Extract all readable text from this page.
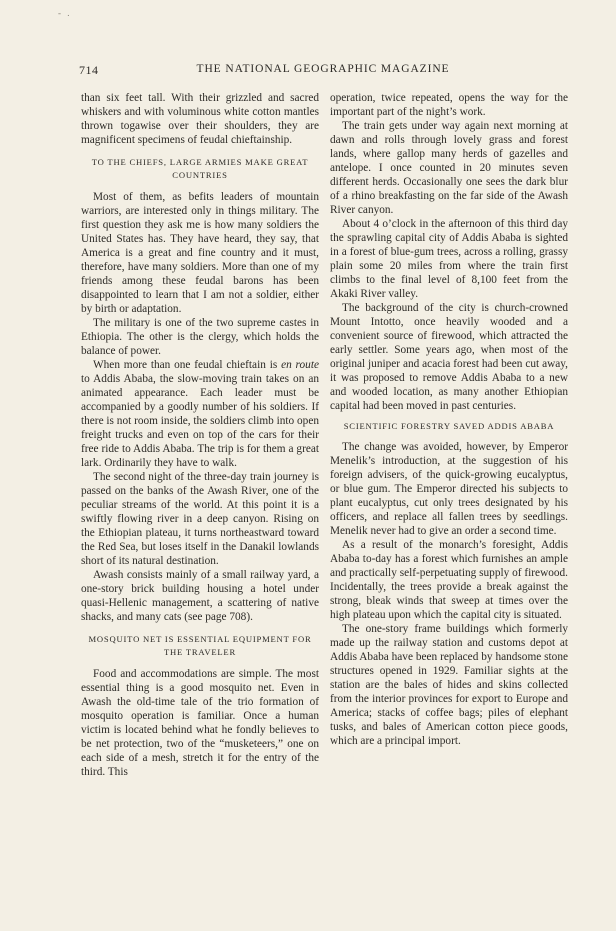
- .
714	THE NATIONAL GEOGRAPHIC MAGAZINE

than six feet tall. With their grizzled and sacred whiskers and with voluminous white cotton mantles thrown togawise over their shoulders, they are magnificent specimens of feudal chieftainship.

TO THE CHIEFS, LARGE ARMIES MAKE GREAT COUNTRIES

Most of them, as befits leaders of mountain warriors, are interested only in things military. The first question they ask me is how many soldiers the United States has. They have heard, they say, that America is a great and fine country and it must, therefore, have many soldiers. More than one of my friends among these feudal barons has been disappointed to learn that I am not a soldier, either by birth or adaptation.

The military is one of the two supreme castes in Ethiopia. The other is the clergy, which holds the balance of power.

When more than one feudal chieftain is en route to Addis Ababa, the slow-moving train takes on an animated appearance. Each leader must be accompanied by a goodly number of his soldiers. If there is not room inside, the soldiers climb into open freight trucks and even on top of the cars for their free ride to Addis Ababa. The trip is for them a great lark. Ordinarily they have to walk.

The second night of the three-day train journey is passed on the banks of the Awash River, one of the peculiar streams of the world. At this point it is a swiftly flowing river in a deep canyon. Rising on the Ethiopian plateau, it turns northeastward toward the Red Sea, but loses itself in the Danakil lowlands short of its natural destination.

Awash consists mainly of a small railway yard, a one-story brick building housing a hotel under quasi-Hellenic management, a scattering of native shacks, and many cats (see page 708).

MOSQUITO NET IS ESSENTIAL EQUIPMENT FOR THE TRAVELER

Food and accommodations are simple. The most essential thing is a good mosquito net. Even in Awash the old-time tale of the trio formation of mosquito operation is familiar. Once a human victim is located behind what he fondly believes to be net protection, two of the “musketeers,” one on each side of a mesh, stretch it for the entry of the third. This

operation, twice repeated, opens the way for the important part of the night’s work.

The train gets under way again next morning at dawn and rolls through lovely grass and forest lands, where gallop many herds of gazelles and antelope. I once counted in 20 minutes seven different herds. Occasionally one sees the dark blur of a rhino breakfasting on the far side of the Awash River canyon.

About 4 o’clock in the afternoon of this third day the sprawling capital city of Addis Ababa is sighted in a forest of blue-gum trees, across a rolling, grassy plain some 20 miles from where the train first climbs to the final level of 8,100 feet from the Akaki River valley.

The background of the city is church-crowned Mount Intotto, once heavily wooded and a convenient source of firewood, which attracted the early settler. Some years ago, when most of the original juniper and acacia forest had been cut away, it was proposed to remove Addis Ababa to a new and wooded location, as many another Ethiopian capital had been moved in past centuries.

SCIENTIFIC FORESTRY SAVED ADDIS ABABA

The change was avoided, however, by Emperor Menelik’s introduction, at the suggestion of his foreign advisers, of the quick-growing eucalyptus, or blue gum. The Emperor directed his subjects to plant eucalyptus, cut only trees designated by his officers, and replace all fallen trees by seedlings. Menelik never had to give an order a second time.

As a result of the monarch’s foresight, Addis Ababa to-day has a forest which furnishes an ample and practically self-perpetuating supply of firewood. Incidentally, the trees provide a break against the strong, bleak winds that sweep at times over the high plateau upon which the capital city is situated.

The one-story frame buildings which formerly made up the railway station and customs depot at Addis Ababa have been replaced by handsome stone structures opened in 1929. Familiar sights at the station are the bales of hides and skins collected from the interior provinces for export to Europe and America; stacks of coffee bags; piles of elephant tusks, and bales of American cotton piece goods, which are a principal import.
